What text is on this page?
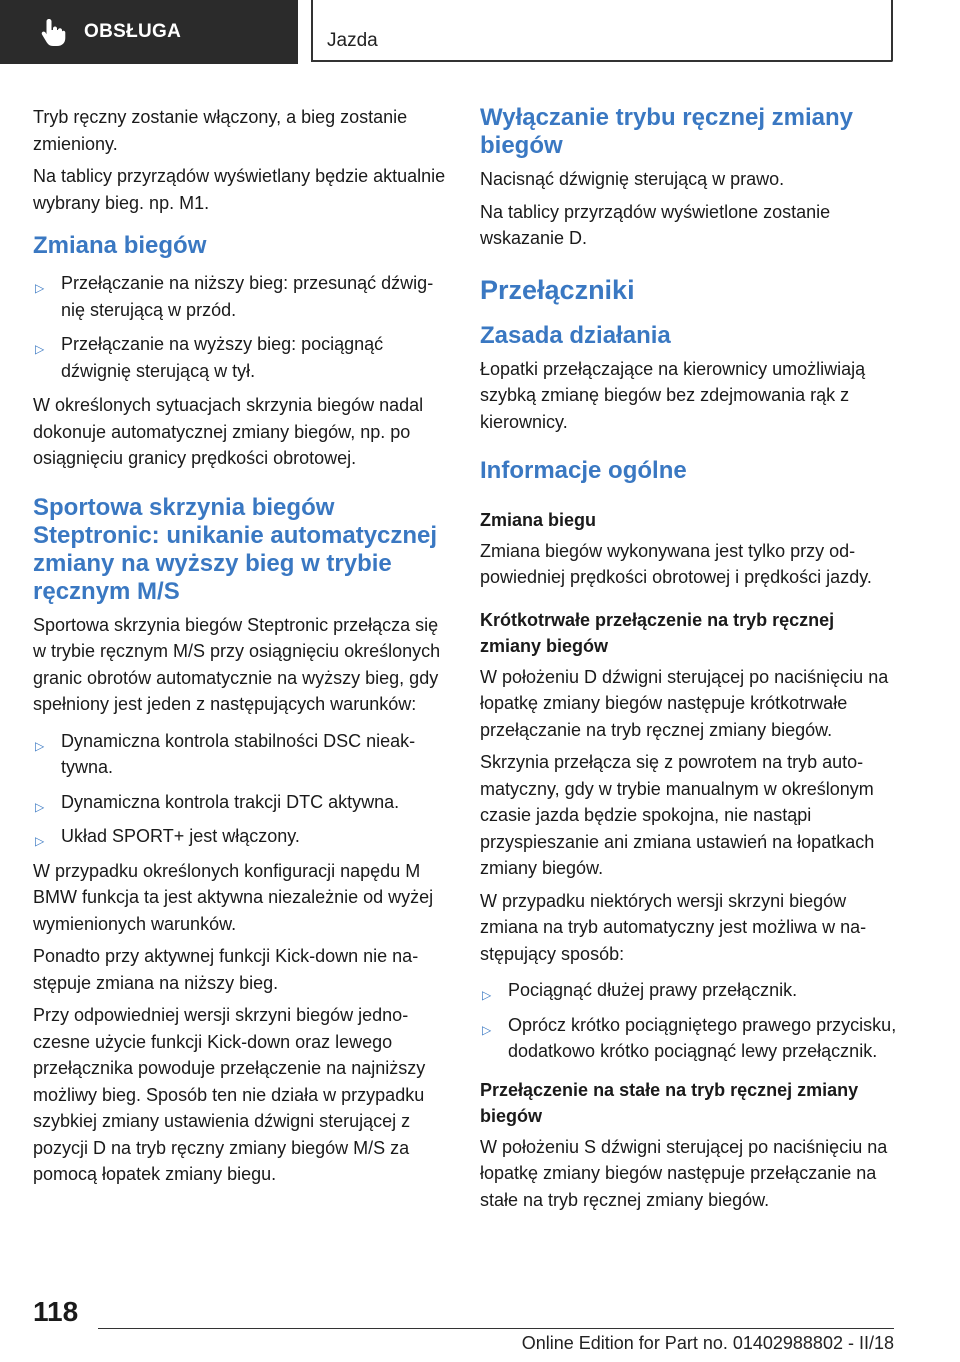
OBSŁUGA	Jazda

Tryb ręczny zostanie włączony, a bieg zostanie zmieniony.

Na tablicy przyrządów wyświetlany będzie aktualnie wybrany bieg. np. M1.

Zmiana biegów
▷ Przełączanie na niższy bieg: przesunąć dźwignię sterującą w przód.
▷ Przełączanie na wyższy bieg: pociągnąć dźwignię sterującą w tył.

W określonych sytuacjach skrzynia biegów nadal dokonuje automatycznej zmiany biegów, np. po osiągnięciu granicy prędkości obrotowej.

Sportowa skrzynia biegów Steptronic: unikanie automatycznej zmiany na wyższy bieg w trybie ręcznym M/S

Sportowa skrzynia biegów Steptronic przełącza się w trybie ręcznym M/S przy osiągnięciu określonych granic obrotów automatycznie na wyższy bieg, gdy spełniony jest jeden z następujących warunków:

▷ Dynamiczna kontrola stabilności DSC nieaktywna.
▷ Dynamiczna kontrola trakcji DTC aktywna.
▷ Układ SPORT+ jest włączony.

W przypadku określonych konfiguracji napędu M BMW funkcja ta jest aktywna niezależnie od wyżej wymienionych warunków.

Ponadto przy aktywnej funkcji Kick-down nie następuje zmiana na niższy bieg.

Przy odpowiedniej wersji skrzyni biegów jednoczesne użycie funkcji Kick-down oraz lewego przełącznika powoduje przełączenie na najniższy możliwy bieg. Sposób ten nie działa w przypadku szybkiej zmiany ustawienia dźwigni sterującej z pozycji D na tryb ręczny zmiany biegów M/S za pomocą łopatek zmiany biegu.

Wyłączanie trybu ręcznej zmiany biegów

Nacisnąć dźwignię sterującą w prawo.

Na tablicy przyrządów wyświetlone zostanie wskazanie D.

Przełączniki
Zasada działania

Łopatki przełączające na kierownicy umożliwiają szybką zmianę biegów bez zdejmowania rąk z kierownicy.

Informacje ogólne
Zmiana biegu

Zmiana biegów wykonywana jest tylko przy odpowiedniej prędkości obrotowej i prędkości jazdy.

Krótkotrwałe przełączenie na tryb ręcznej zmiany biegów

W położeniu D dźwigni sterującej po naciśnięciu na łopatkę zmiany biegów następuje krótkotrwałe przełączanie na tryb ręcznej zmiany biegów.

Skrzynia przełącza się z powrotem na tryb automatyczny, gdy w trybie manualnym w określonym czasie jazda będzie spokojna, nie nastąpi przyspieszanie ani zmiana ustawień na łopatkach zmiany biegów.

W przypadku niektórych wersji skrzyni biegów zmiana na tryb automatyczny jest możliwa w następujący sposób:

▷ Pociągnąć dłużej prawy przełącznik.
▷ Oprócz krótko pociągniętego prawego przycisku, dodatkowo krótko pociągnąć lewy przełącznik.
Przełączenie na stałe na tryb ręcznej zmiany biegów

W położeniu S dźwigni sterującej po naciśnięciu na łopatkę zmiany biegów następuje przełączanie na stałe na tryb ręcznej zmiany biegów.

118
Online Edition for Part no. 01402988802 - II/18
